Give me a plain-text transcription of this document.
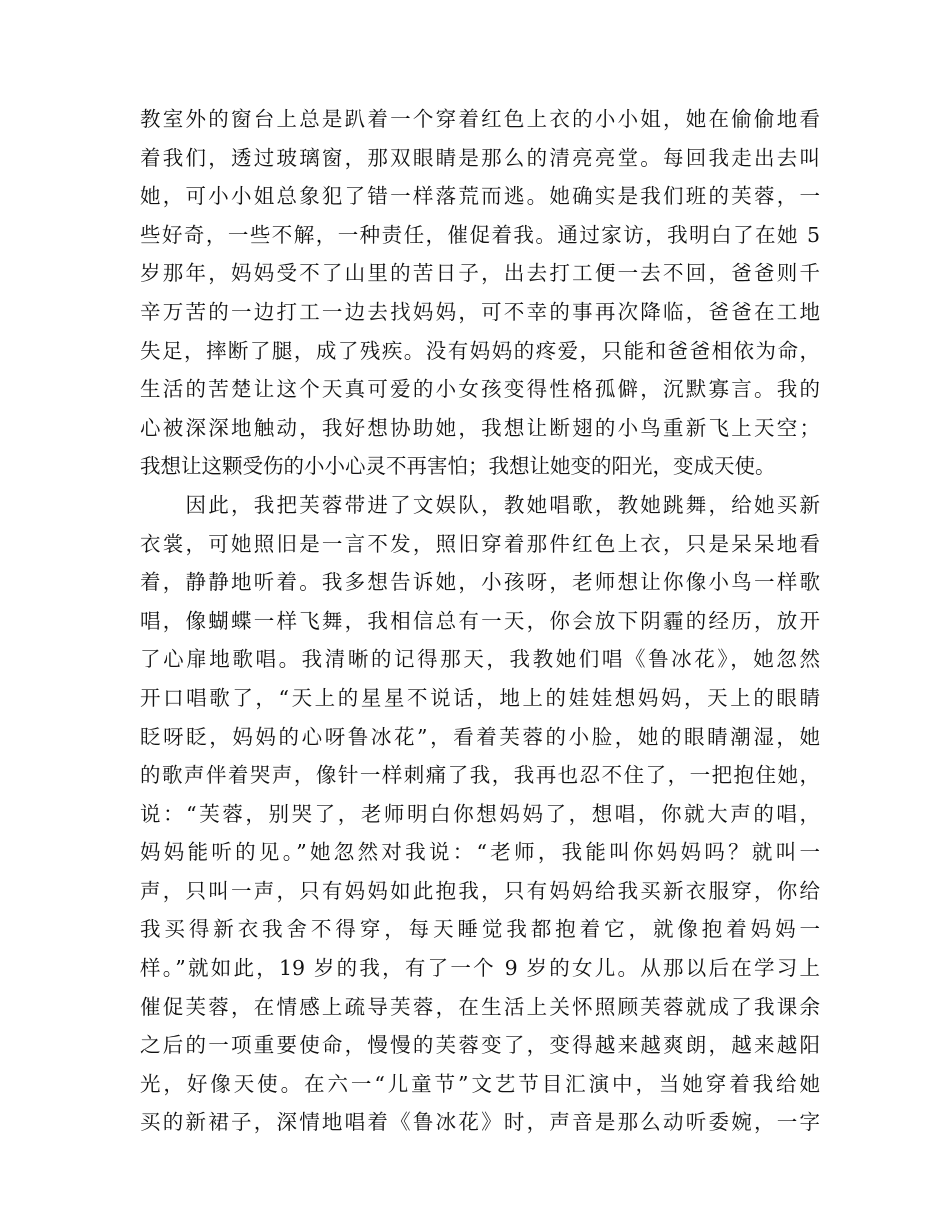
教室外的窗台上总是趴着一个穿着红色上衣的小小姐，她在偷偷地看
着我们，透过玻璃窗，那双眼睛是那么的清亮亮堂。每回我走出去叫
她，可小小姐总象犯了错一样落荒而逃。她确实是我们班的芙蓉，一
些好奇，一些不解，一种责任，催促着我。通过家访，我明白了在她 5
岁那年，妈妈受不了山里的苦日子，出去打工便一去不回，爸爸则千
辛万苦的一边打工一边去找妈妈，可不幸的事再次降临，爸爸在工地
失足，摔断了腿，成了残疾。没有妈妈的疼爱，只能和爸爸相依为命，
生活的苦楚让这个天真可爱的小女孩变得性格孤僻，沉默寡言。我的
心被深深地触动，我好想协助她，我想让断翅的小鸟重新飞上天空；
我想让这颗受伤的小小心灵不再害怕；我想让她变的阳光，变成天使。
　　因此，我把芙蓉带进了文娱队，教她唱歌，教她跳舞，给她买新
衣裳，可她照旧是一言不发，照旧穿着那件红色上衣，只是呆呆地看
着，静静地听着。我多想告诉她，小孩呀，老师想让你像小鸟一样歌
唱，像蝴蝶一样飞舞，我相信总有一天，你会放下阴霾的经历，放开
了心扉地歌唱。我清晰的记得那天，我教她们唱《鲁冰花》，她忽然
开口唱歌了，“天上的星星不说话，地上的娃娃想妈妈，天上的眼睛
眨呀眨，妈妈的心呀鲁冰花”，看着芙蓉的小脸，她的眼睛潮湿，她
的歌声伴着哭声，像针一样刺痛了我，我再也忍不住了，一把抱住她，
说：“芙蓉，别哭了，老师明白你想妈妈了，想唱，你就大声的唱，
妈妈能听的见。”她忽然对我说：“老师，我能叫你妈妈吗？就叫一
声，只叫一声，只有妈妈如此抱我，只有妈妈给我买新衣服穿，你给
我买得新衣我舍不得穿，每天睡觉我都抱着它，就像抱着妈妈一
样。”就如此，19 岁的我，有了一个 9 岁的女儿。从那以后在学习上
催促芙蓉，在情感上疏导芙蓉，在生活上关怀照顾芙蓉就成了我课余
之后的一项重要使命，慢慢的芙蓉变了，变得越来越爽朗，越来越阳
光，好像天使。在六一“儿童节”文艺节目汇演中，当她穿着我给她
买的新裙子，深情地唱着《鲁冰花》时，声音是那么动听委婉，一字
